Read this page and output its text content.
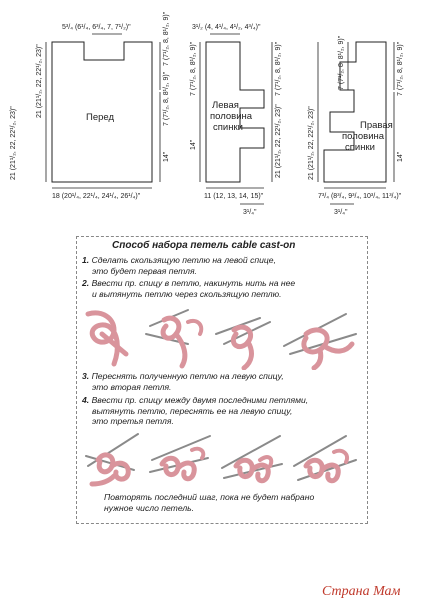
Перед
5³/₄ (6¹/₄, 6³/₄, 7, 7¹/₂)"
18 (20¹/₄, 22¹/₄, 24¹/₄, 26¹/₄)"
21 (21¹/₂, 22, 22¹/₂, 23)"
7 (7¹/₂, 8, 8¹/₂, 9)"
7 (7¹/₂, 8, 8¹/₂, 9)"
14"
21 (21¹/₂, 22, 22¹/₂, 23)"
Левая
половина
спинки
3¹/₂ (4, 4¹/₄, 4¹/₂, 4³/₄)"
11 (12, 13, 14, 15)"
3¹/₄"
7 (7¹/₂, 8, 8¹/₂, 9)"
14"
7 (7¹/₂, 8, 8¹/₂, 9)"
21 (21¹/₂, 22, 22¹/₂, 23)"	Правая
половина
спинки
7³/₄ (8³/₄, 9³/₄, 10³/₄, 11³/₄)"
3¹/₄"
7 (7¹/₂, 8, 8¹/₂, 9)"
21 (21¹/₂, 22, 22¹/₂, 23)"
7 (7¹/₂, 8, 8¹/₂, 9)"
14"
Способ набора петель cable cast-on
1. Сделать скользящую петлю на левой спице,
это будет первая петля.
2. Ввести пр. спицу в петлю, накинуть нить на нее
и вытянуть петлю через скользящую петлю.
3. Переснять полученную петлю на левую спицу,
это вторая петля.
4. Ввести пр. спицу между двумя последними петлями,
вытянуть петлю, переснять ее на левую спицу,
это третья петля.
Повторять последний шаг, пока не будет набрано
нужное число петель.
Страна Мам
